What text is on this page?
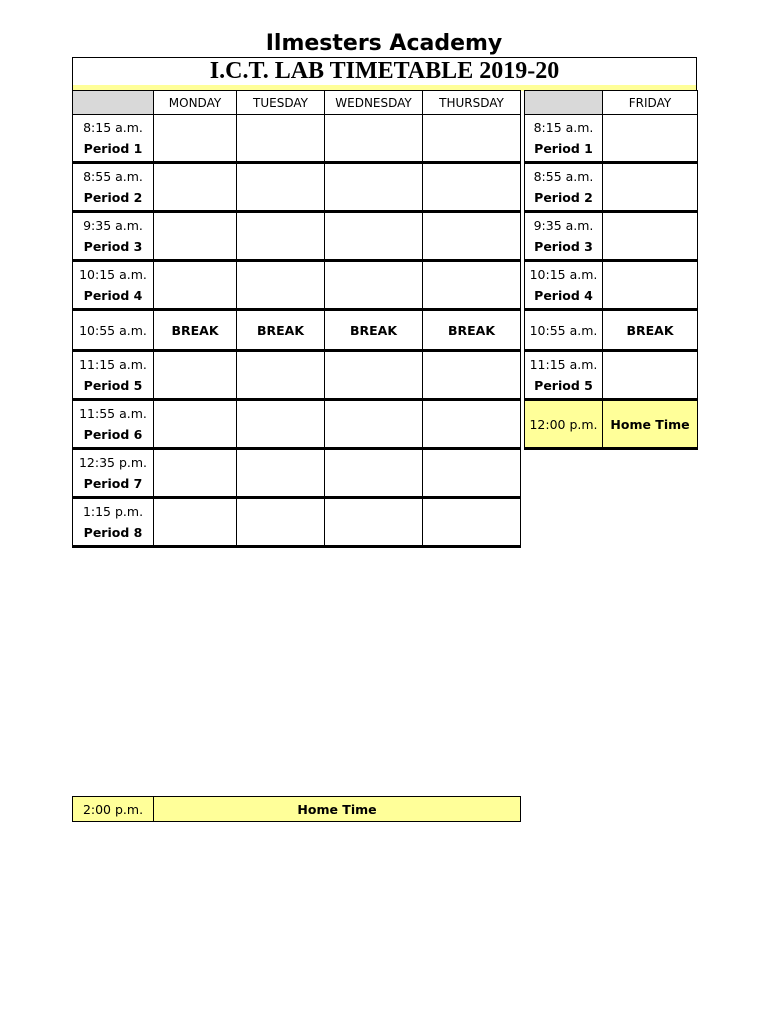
Ilmesters Academy
I.C.T. LAB TIMETABLE 2019-20
	MONDAY	TUESDAY	WEDNESDAY	THURSDAY

8:15 a.m.
Period 1				

8:55 a.m.
Period 2				

9:35 a.m.
Period 3				

10:15 a.m.
Period 4				

10:55 a.m.	BREAK	BREAK	BREAK	BREAK

11:15 a.m.
Period 5				

11:55 a.m.
Period 6				

12:35 p.m.
Period 7				

1:15 p.m.
Period 8				

	FRIDAY

8:15 a.m.
Period 1	

8:55 a.m.
Period 2	

9:35 a.m.
Period 3	

10:15 a.m.
Period 4	

10:55 a.m.	BREAK

11:15 a.m.
Period 5	

12:00 p.m.	Home Time
2:00 p.m.	Home Time
